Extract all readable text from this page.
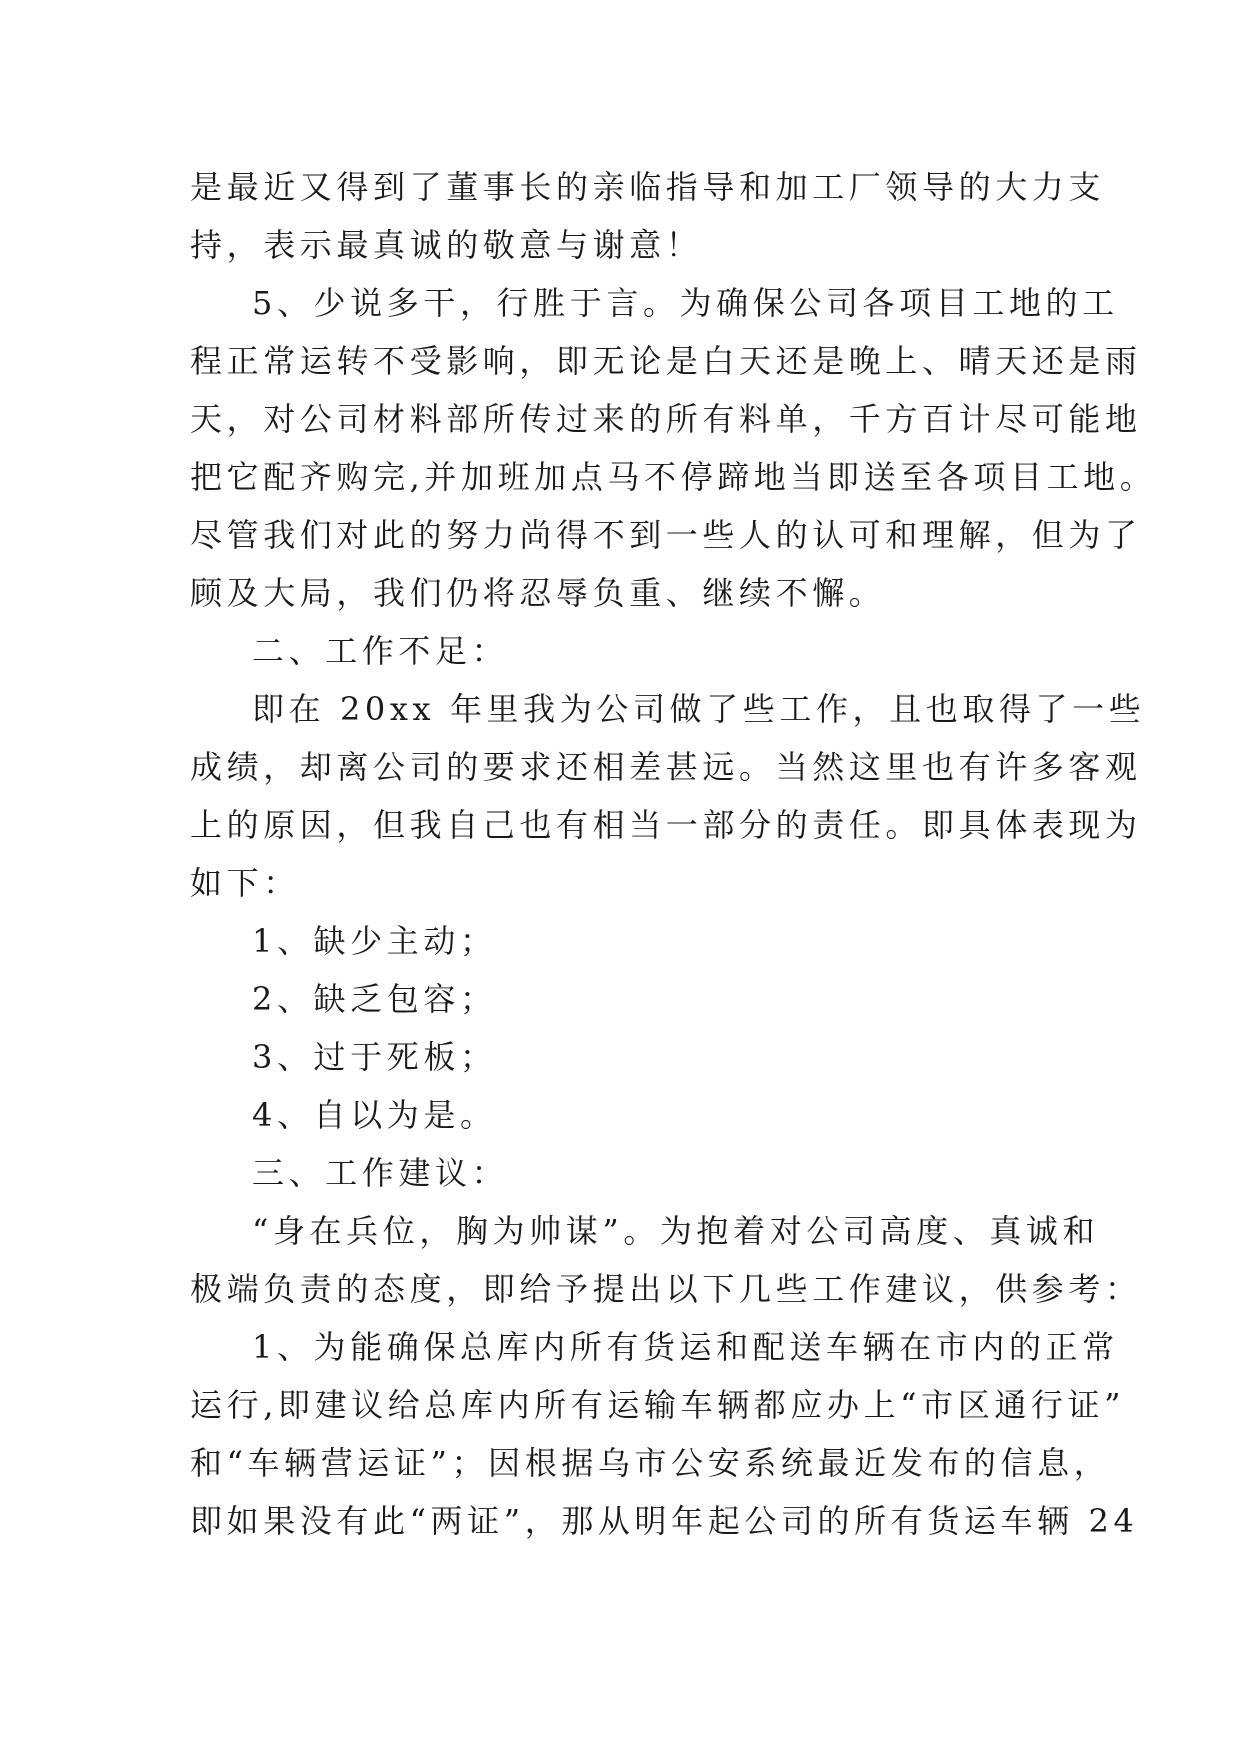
是最近又得到了董事长的亲临指导和加工厂领导的大力支
持，表示最真诚的敬意与谢意！
5、少说多干，行胜于言。为确保公司各项目工地的工
程正常运转不受影响，即无论是白天还是晚上、晴天还是雨
天，对公司材料部所传过来的所有料单，千方百计尽可能地
把它配齐购完,并加班加点马不停蹄地当即送至各项目工地。
尽管我们对此的努力尚得不到一些人的认可和理解，但为了
顾及大局，我们仍将忍辱负重、继续不懈。
二、工作不足：
即在 20xx 年里我为公司做了些工作，且也取得了一些
成绩，却离公司的要求还相差甚远。当然这里也有许多客观
上的原因，但我自己也有相当一部分的责任。即具体表现为
如下：
1、缺少主动；
2、缺乏包容；
3、过于死板；
4、自以为是。
三、工作建议：
“身在兵位，胸为帅谋”。为抱着对公司高度、真诚和
极端负责的态度，即给予提出以下几些工作建议，供参考：
1、为能确保总库内所有货运和配送车辆在市内的正常
运行,即建议给总库内所有运输车辆都应办上“市区通行证”
和“车辆营运证”；因根据乌市公安系统最近发布的信息，
即如果没有此“两证”，那从明年起公司的所有货运车辆 24
